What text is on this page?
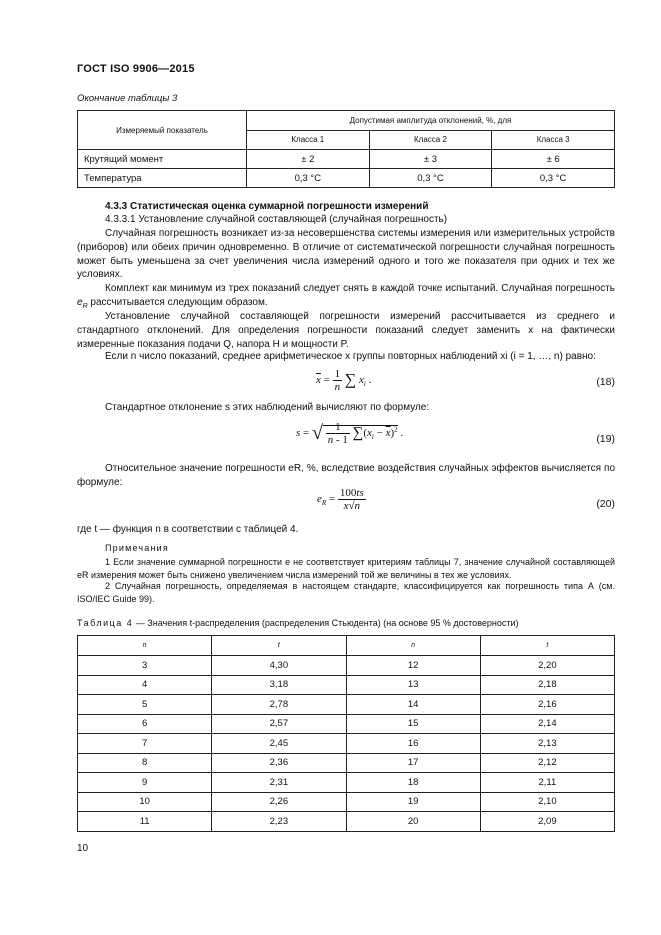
ГОСТ ISO 9906—2015
Окончание таблицы 3
Измеряемый показатель	Допустимая амплитуда отклонений, %, для		
	Класса 1	Класса 2	Класса 3
Крутящий момент	± 2	± 3	± 6
Температура	0,3 °C	0,3 °C	0,3 °C
4.3.3 Статистическая оценка суммарной погрешности измерений
4.3.3.1 Установление случайной составляющей (случайная погрешность)
Случайная погрешность возникает из-за несовершенства системы измерения или измерительных устройств (приборов) или обеих причин одновременно. В отличие от систематической погрешности случайная погрешность может быть уменьшена за счет увеличения числа измерений одного и того же показателя при одних и тех же условиях.
Комплект как минимум из трех показаний следует снять в каждой точке испытаний. Случайная погрешность $e_R$ рассчитывается следующим образом.
Установление случайной составляющей погрешности измерений рассчитывается из среднего и стандартного отклонений. Для определения погрешности показаний следует заменить x на фактически измеренные показания подачи Q, напора H и мощности P.
Если n число показаний, среднее арифметическое x группы повторных наблюдений xi (i = 1, …, n) равно:
$\overline{x} = \frac{1}{n}$ ∑ $x_i$ .	(18)
Стандартное отклонение s этих наблюдений вычисляют по формуле:
s = √ $\frac{1}{n - 1} \sum(x_i - \overline{x})^2$ .	(19)
Относительное значение погрешности eR, %, вследствие воздействия случайных эффектов вычисляется по формуле:
$e_R = \frac{100ts}{x√n}$	(20)
где t — функция n в соответствии с таблицей 4.
Примечания
1 Если значение суммарной погрешности e не соответствует критериям таблицы 7, значение случайной составляющей eR измерения может быть снижено увеличением числа измерений той же величины в тех же условиях.
2 Случайная погрешность, определяемая в настоящем стандарте, классифицируется как погрешность типа А (см. ISO/IEC Guide 99).
Таблица 4 — Значения t-распределения (распределения Стьюдента) (на основе 95 % достоверности)
n	t	n	t
3	4,30	12	2,20
4	3,18	13	2,18
5	2,78	14	2,16
6	2,57	15	2,14
7	2,45	16	2,13
8	2,36	17	2,12
9	2,31	18	2,11
10	2,26	19	2,10
11	2,23	20	2,09
10
